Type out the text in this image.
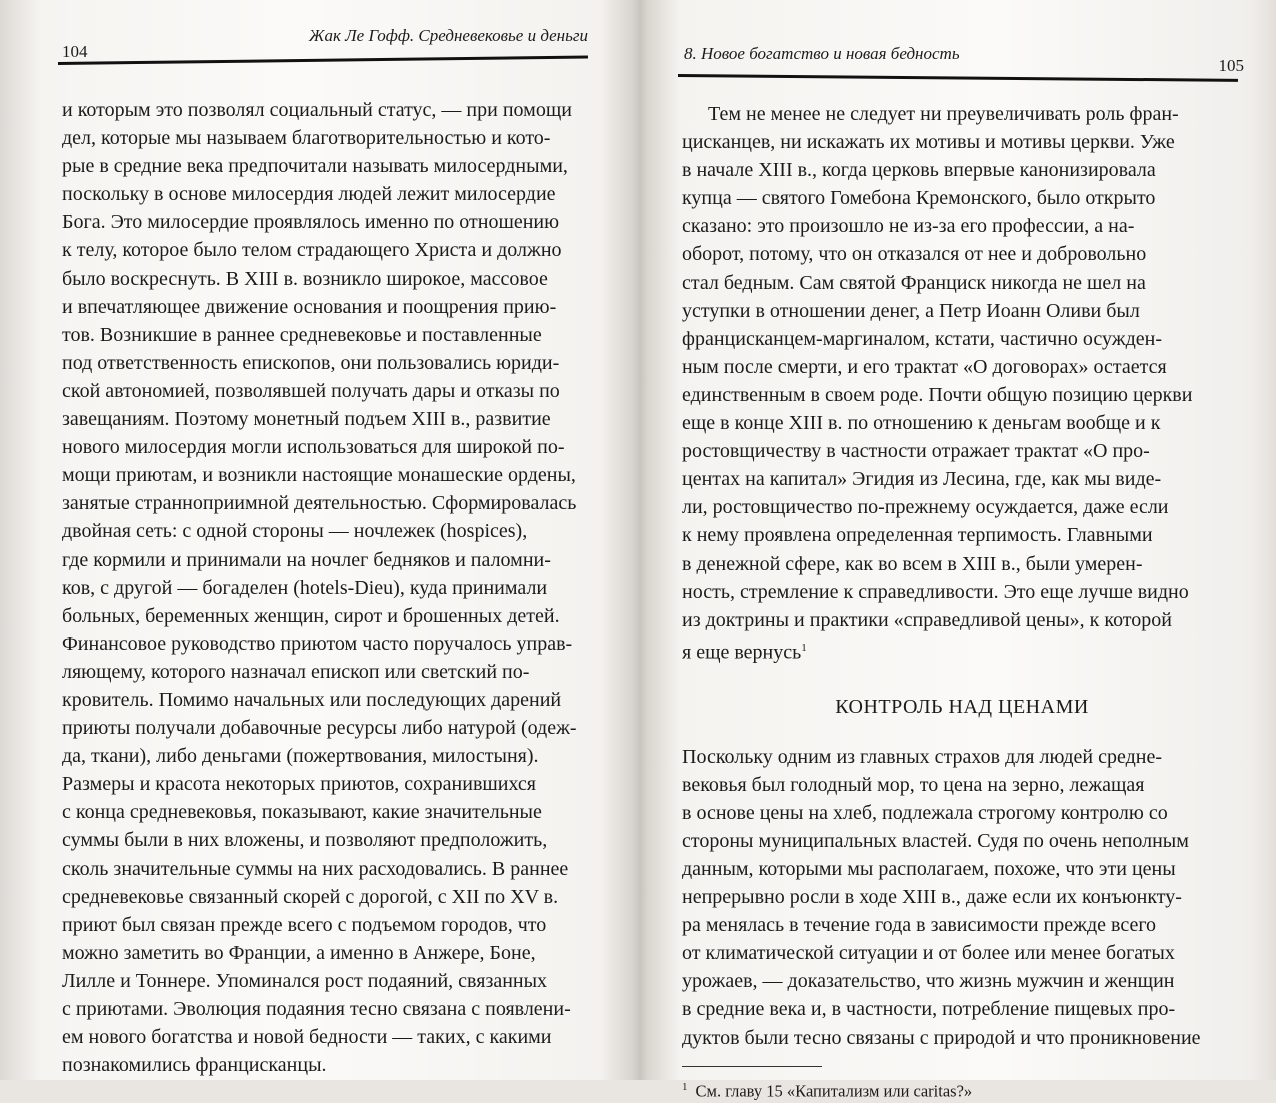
104
Жак Ле Гофф. Средневековье и деньги
и которым это позволял социальный статус, — при помощи
дел, которые мы называем благотворительностью и кото-
рые в средние века предпочитали называть милосердными,
поскольку в основе милосердия людей лежит милосердие
Бога. Это милосердие проявлялось именно по отношению
к телу, которое было телом страдающего Христа и должно
было воскреснуть. В XIII в. возникло широкое, массовое
и впечатляющее движение основания и поощрения прию-
тов. Возникшие в раннее средневековье и поставленные
под ответственность епископов, они пользовались юриди-
ской автономией, позволявшей получать дары и отказы по
завещаниям. Поэтому монетный подъем XIII в., развитие
нового милосердия могли использоваться для широкой по-
мощи приютам, и возникли настоящие монашеские ордены,
занятые странноприимной деятельностью. Сформировалась
двойная сеть: с одной стороны — ночлежек (hospices),
где кормили и принимали на ночлег бедняков и паломни-
ков, с другой — богаделен (hotels-Dieu), куда принимали
больных, беременных женщин, сирот и брошенных детей.
Финансовое руководство приютом часто поручалось управ-
ляющему, которого назначал епископ или светский по-
кровитель. Помимо начальных или последующих дарений
приюты получали добавочные ресурсы либо натурой (одеж-
да, ткани), либо деньгами (пожертвования, милостыня).
Размеры и красота некоторых приютов, сохранившихся
с конца средневековья, показывают, какие значительные
суммы были в них вложены, и позволяют предположить,
сколь значительные суммы на них расходовались. В раннее
средневековье связанный скорей с дорогой, с XII по XV в.
приют был связан прежде всего с подъемом городов, что
можно заметить во Франции, а именно в Анжере, Боне,
Лилле и Тоннере. Упоминался рост подаяний, связанных
с приютами. Эволюция подаяния тесно связана с появлени-
ем нового богатства и новой бедности — таких, с какими
познакомились францисканцы.
8. Новое богатство и новая бедность
105
Тем не менее не следует ни преувеличивать роль фран-
цисканцев, ни искажать их мотивы и мотивы церкви. Уже
в начале XIII в., когда церковь впервые канонизировала
купца — святого Гомебона Кремонского, было открыто
сказано: это произошло не из-за его профессии, а на-
оборот, потому, что он отказался от нее и добровольно
стал бедным. Сам святой Франциск никогда не шел на
уступки в отношении денег, а Петр Иоанн Оливи был
францисканцем-маргиналом, кстати, частично осужден-
ным после смерти, и его трактат «О договорах» остается
единственным в своем роде. Почти общую позицию церкви
еще в конце XIII в. по отношению к деньгам вообще и к
ростовщичеству в частности отражает трактат «О про-
центах на капитал» Эгидия из Лесина, где, как мы виде-
ли, ростовщичество по-прежнему осуждается, даже если
к нему проявлена определенная терпимость. Главными
в денежной сфере, как во всем в XIII в., были умерен-
ность, стремление к справедливости. Это еще лучше видно
из доктрины и практики «справедливой цены», к которой
я еще вернусь$^1$
КОНТРОЛЬ НАД ЦЕНАМИ
Поскольку одним из главных страхов для людей средне-
вековья был голодный мор, то цена на зерно, лежащая
в основе цены на хлеб, подлежала строгому контролю со
стороны муниципальных властей. Судя по очень неполным
данным, которыми мы располагаем, похоже, что эти цены
непрерывно росли в ходе XIII в., даже если их конъюнкту-
ра менялась в течение года в зависимости прежде всего
от климатической ситуации и от более или менее богатых
урожаев, — доказательство, что жизнь мужчин и женщин
в средние века и, в частности, потребление пищевых про-
дуктов были тесно связаны с природой и что проникновение
$^1$ См. главу 15 «Капитализм или caritas?»
